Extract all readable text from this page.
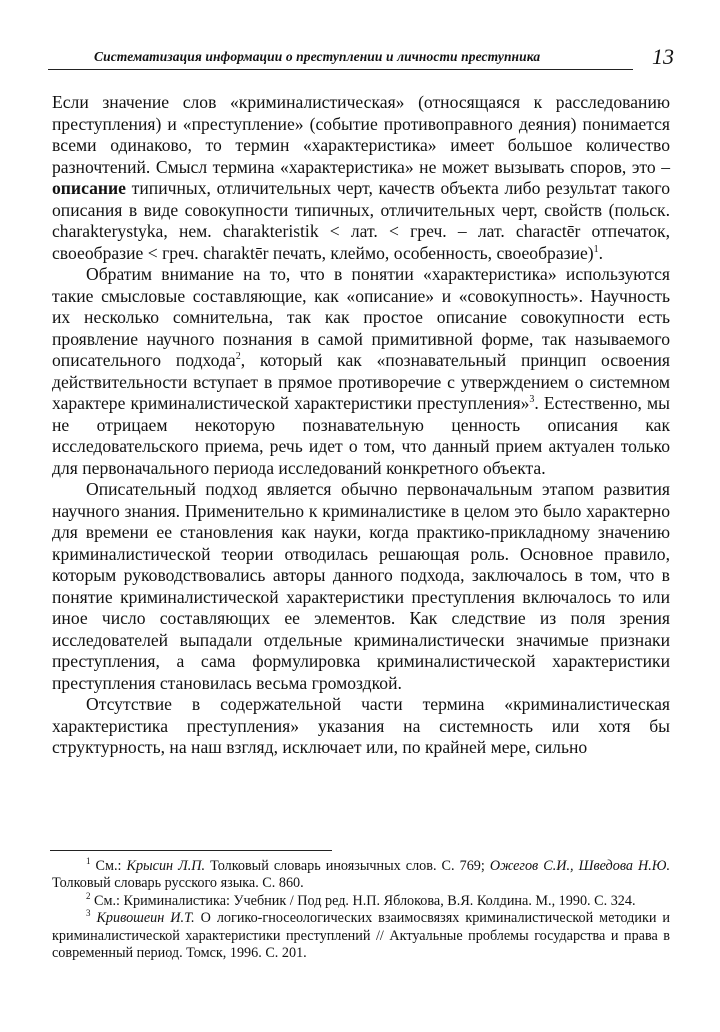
Систематизация информации о преступлении и личности преступника	13

Если значение слов «криминалистическая» (относящаяся к расследованию преступления) и «преступление» (событие противоправного деяния) понимается всеми одинаково, то термин «характеристика» имеет большое количество разночтений. Смысл термина «характеристика» не может вызывать споров, это – описание типичных, отличительных черт, качеств объекта либо результат такого описания в виде совокупности типичных, отличительных черт, свойств (польск. charakterystyka, нем. charakteristik < лат. < греч. – лат. charactēr отпечаток, своеобразие < греч. charaktēr печать, клеймо, особенность, своеобразие)$^1$.

Обратим внимание на то, что в понятии «характеристика» используются такие смысловые составляющие, как «описание» и «совокупность». Научность их несколько сомнительна, так как простое описание совокупности есть проявление научного познания в самой примитивной форме, так называемого описательного подхода$^2$, который как «познавательный принцип освоения действительности вступает в прямое противоречие с утверждением о системном характере криминалистической характеристики преступления»$^3$. Естественно, мы не отрицаем некоторую познавательную ценность описания как исследовательского приема, речь идет о том, что данный прием актуален только для первоначального периода исследований конкретного объекта.

Описательный подход является обычно первоначальным этапом развития научного знания. Применительно к криминалистике в целом это было характерно для времени ее становления как науки, когда практико-прикладному значению криминалистической теории отводилась решающая роль. Основное правило, которым руководствовались авторы данного подхода, заключалось в том, что в понятие криминалистической характеристики преступления включалось то или иное число составляющих ее элементов. Как следствие из поля зрения исследователей выпадали отдельные криминалистически значимые признаки преступления, а сама формулировка криминалистической характеристики преступления становилась весьма громоздкой.

Отсутствие в содержательной части термина «криминалистическая характеристика преступления» указания на системность или хотя бы структурность, на наш взгляд, исключает или, по крайней мере, сильно

$^1$ См.: Крысин Л.П. Толковый словарь иноязычных слов. С. 769; Ожегов С.И., Шведова Н.Ю. Толковый словарь русского языка. С. 860.

$^2$ См.: Криминалистика: Учебник / Под ред. Н.П. Яблокова, В.Я. Колдина. М., 1990. С. 324.

$^3$ Кривошеин И.Т. О логико-гносеологических взаимосвязях криминалистической методики и криминалистической характеристики преступлений // Актуальные проблемы государства и права в современный период. Томск, 1996. С. 201.
